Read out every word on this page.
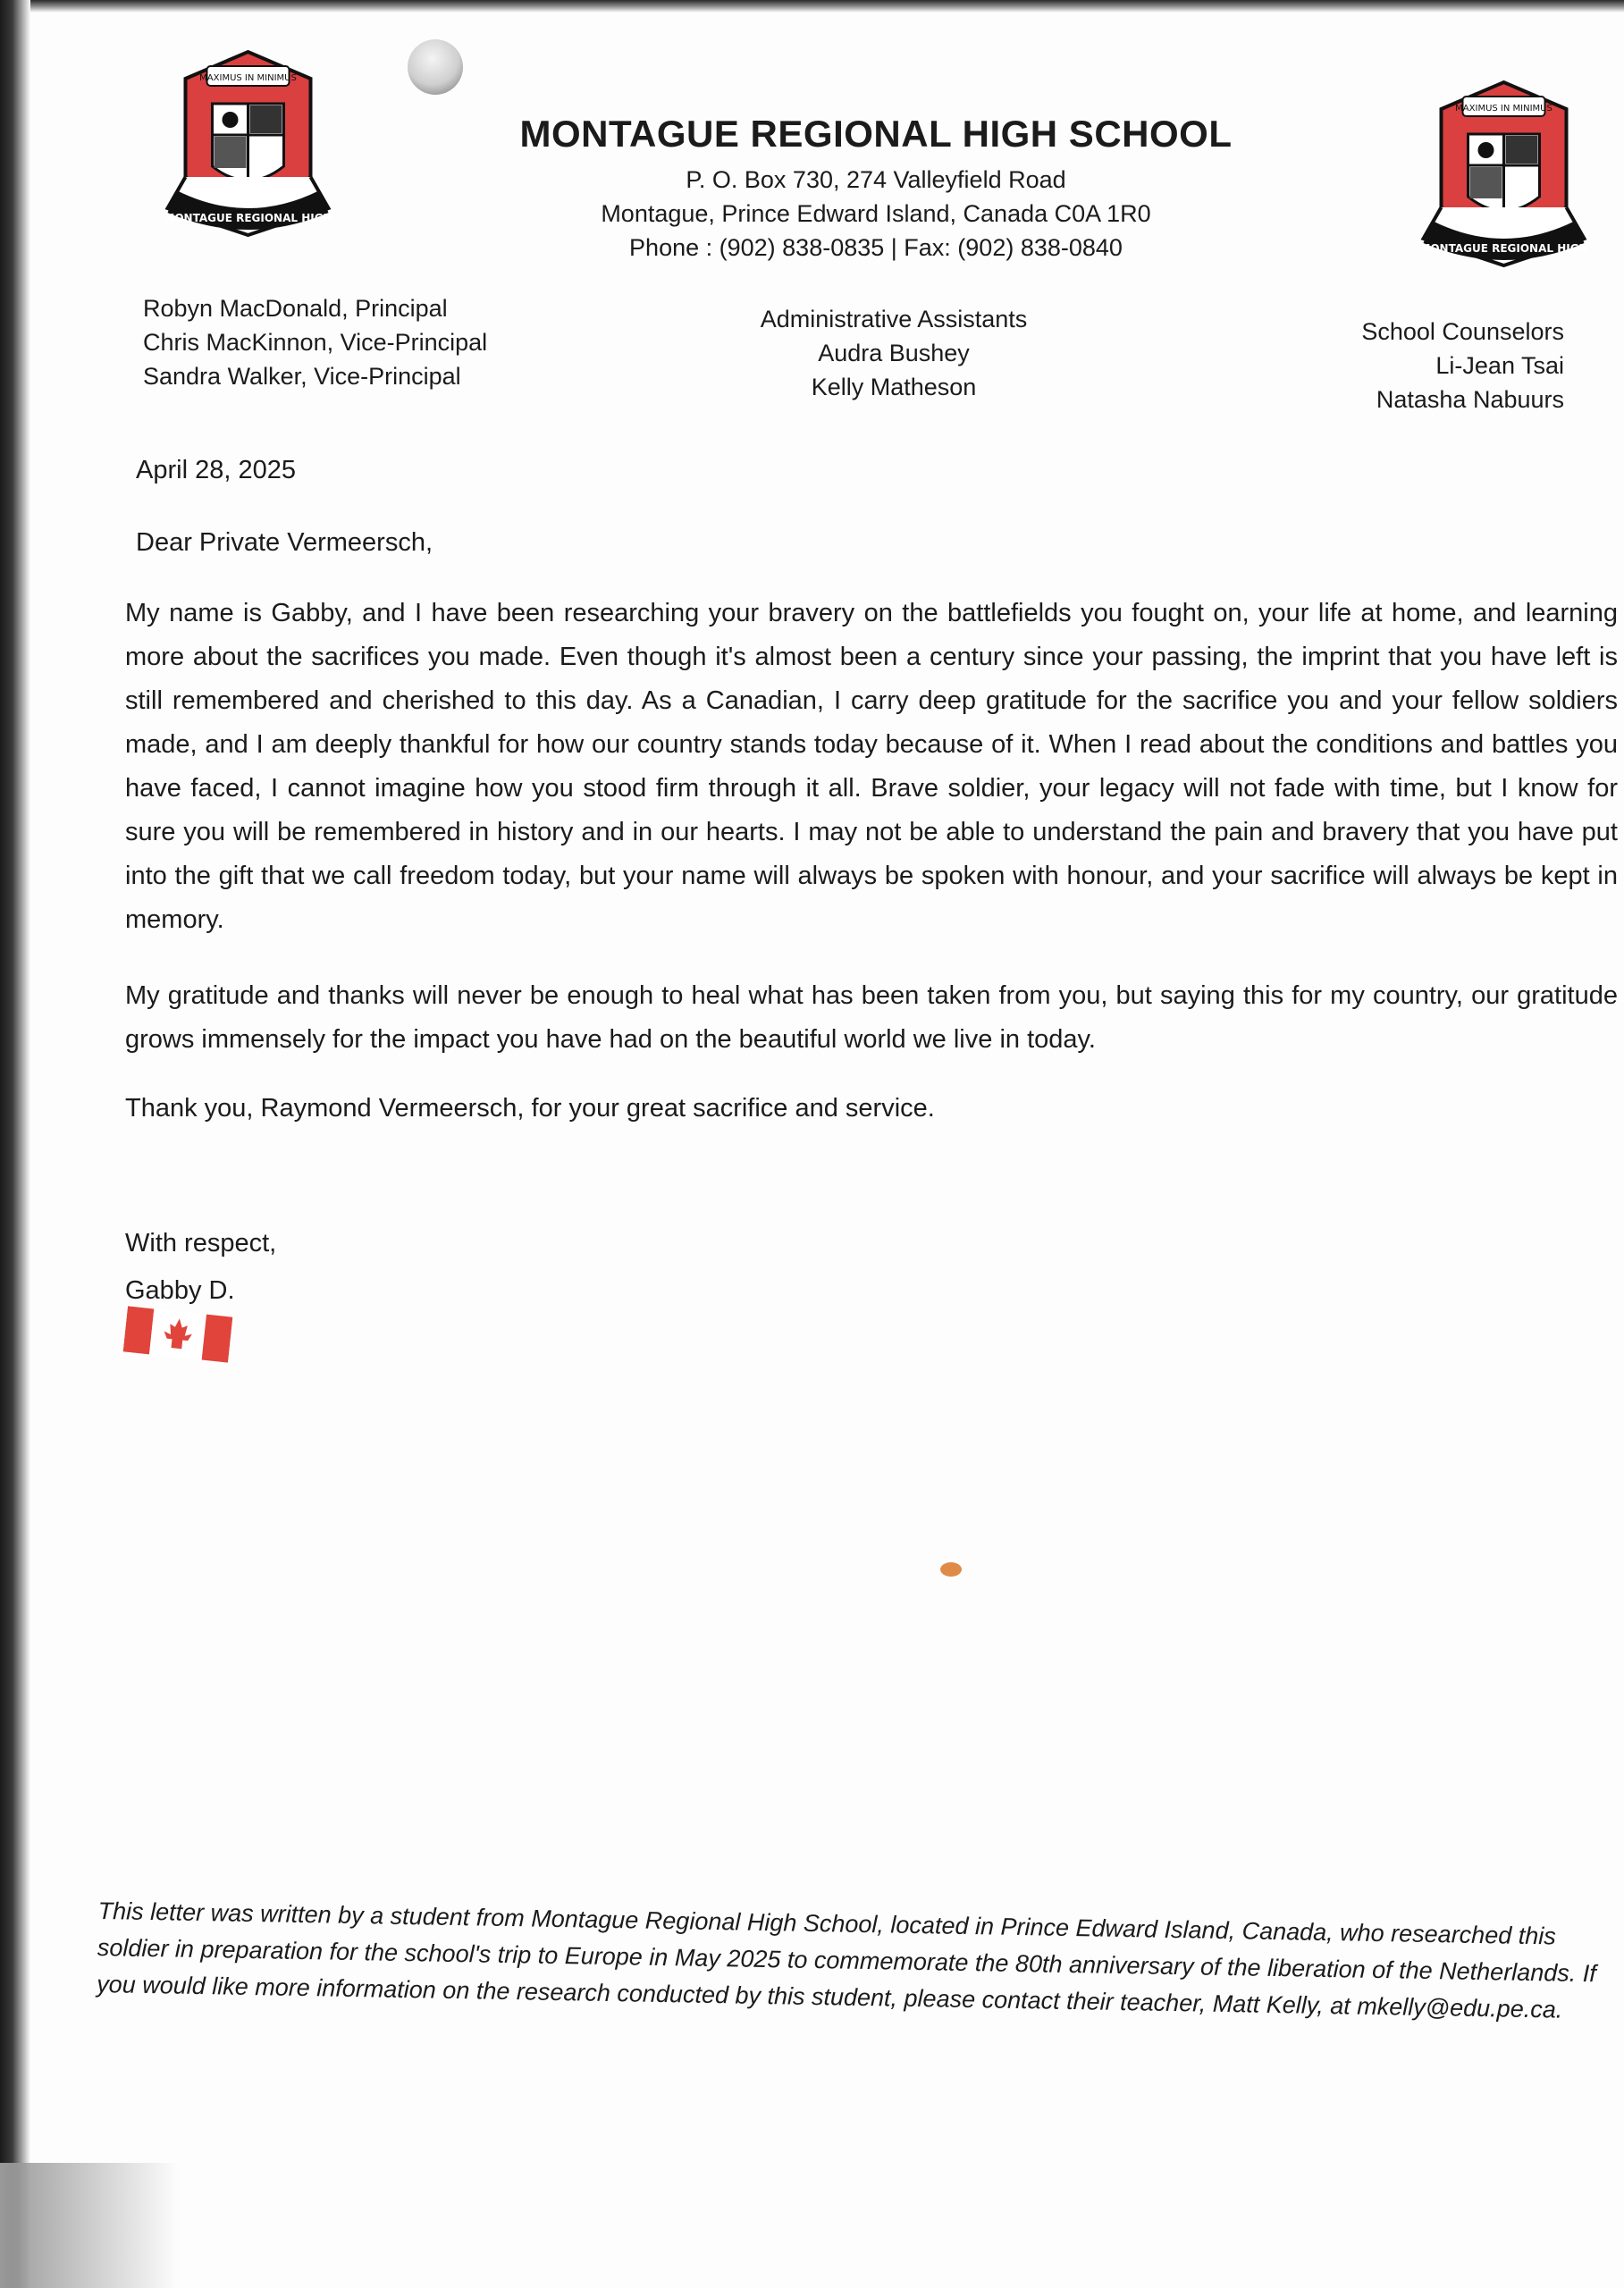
MAXIMUS IN MINIMUS
MONTAGUE REGIONAL HIGH
MAXIMUS IN MINIMUS
MONTAGUE REGIONAL HIGH
MONTAGUE REGIONAL HIGH SCHOOL
P. O. Box 730, 274 Valleyfield Road
Montague, Prince Edward Island, Canada C0A 1R0
Phone : (902) 838-0835 | Fax: (902) 838-0840
Robyn MacDonald, Principal
Chris MacKinnon, Vice-Principal
Sandra Walker, Vice-Principal
Administrative Assistants
Audra Bushey
Kelly Matheson
School Counselors
Li-Jean Tsai
Natasha Nabuurs
April 28, 2025
Dear Private Vermeersch,

My name is Gabby, and I have been researching your bravery on the battlefields you fought on, your life at home, and learning more about the sacrifices you made. Even though it's almost been a century since your passing, the imprint that you have left is still remembered and cherished to this day. As a Canadian, I carry deep gratitude for the sacrifice you and your fellow soldiers made, and I am deeply thankful for how our country stands today because of it. When I read about the conditions and battles you have faced, I cannot imagine how you stood firm through it all. Brave soldier, your legacy will not fade with time, but I know for sure you will be remembered in history and in our hearts. I may not be able to understand the pain and bravery that you have put into the gift that we call freedom today, but your name will always be spoken with honour, and your sacrifice will always be kept in memory.

My gratitude and thanks will never be enough to heal what has been taken from you, but saying this for my country, our gratitude grows immensely for the impact you have had on the beautiful world we live in today.

Thank you, Raymond Vermeersch, for your great sacrifice and service.
With respect,
Gabby D.
This letter was written by a student from Montague Regional High School, located in Prince Edward Island, Canada, who researched this soldier in preparation for the school's trip to Europe in May 2025 to commemorate the 80th anniversary of the liberation of the Netherlands. If you would like more information on the research conducted by this student, please contact their teacher, Matt Kelly, at mkelly@edu.pe.ca.
